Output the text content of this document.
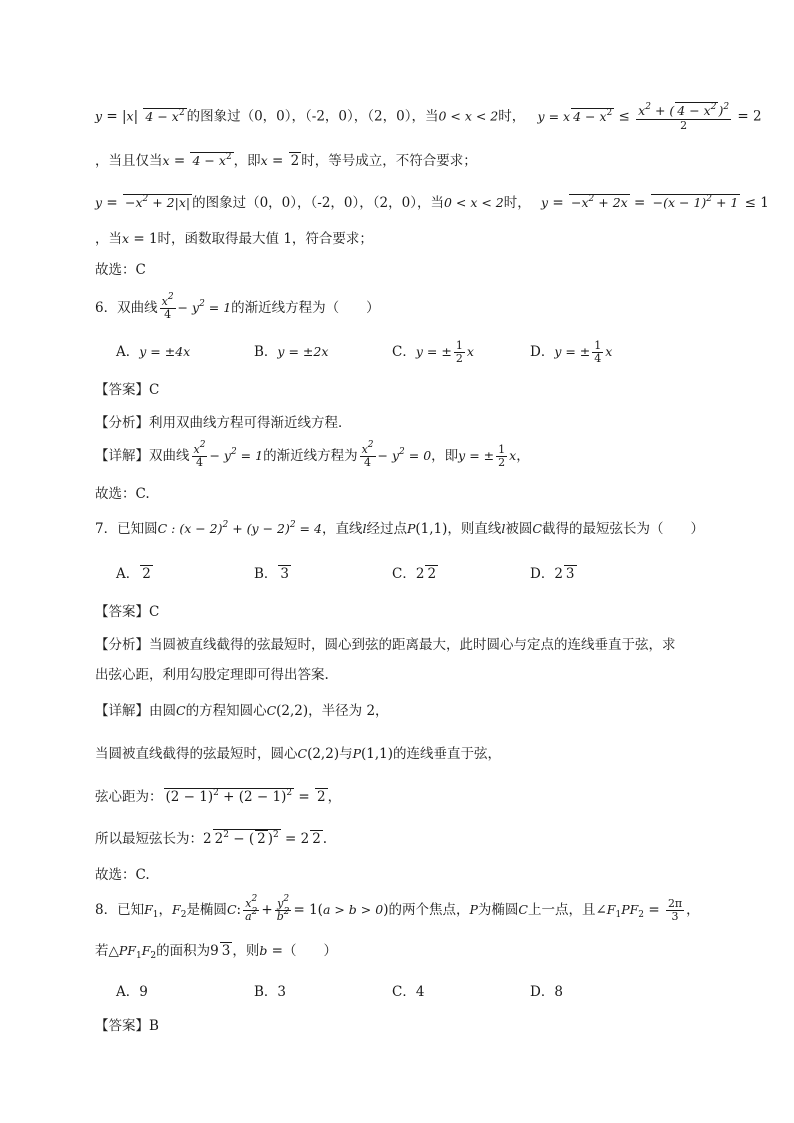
y = |x| $4 - x^2$ 的图象过（0，0），（-2，0），（2，0），当0 < x < 2时， y = x $4 - x^2 \le \frac{x^2 + ( 4 - x^2 )^2}{2} = 2$
，当且仅当$x = 4 - x^2$ ，即x = 2 时，等号成立，不符合要求；
$y = -x^2 + 2|x|$ 的图象过（0，0），（-2，0），（2，0），当0 < x < 2时， $y = -x^2 + 2x = -(x - 1)^2 + 1 \le 1$
，当x = 1时，函数取得最大值 1，符合要求；
故选：C
6．双曲线 $\frac{x^2}{4} - y^2 = 1$的渐近线方程为（　　）
A．y = ±4x	B．y = ±2x	C．y = ± $\frac{1}{2}$ x	D．y = ± $\frac{1}{4}$ x
【答案】C
【分析】利用双曲线方程可得渐近线方程．
【详解】双曲线 $\frac{x^2}{4} - y^2 = 1$的渐近线方程为 $\frac{x^2}{4} - y^2 = 0$，即y = ± $\frac{1}{2}$ x，
故选：C.
7．已知圆C : $(x - 2)^2 + (y - 2)^2 = 4$，直线l经过点P(1,1)，则直线l被圆C截得的最短弦长为（　　）
A． 2	B． 3	C．2 2	D．2 3
【答案】C
【分析】当圆被直线截得的弦最短时，圆心到弦的距离最大，此时圆心与定点的连线垂直于弦，求
出弦心距，利用勾股定理即可得出答案.
【详解】由圆C的方程知圆心C(2,2)，半径为 2，
当圆被直线截得的弦最短时，圆心C(2,2)与P(1,1)的连线垂直于弦，
弦心距为： $(2 - 1)^2 + (2 - 1)^2 = 2$ ，
所以最短弦长为：2 $2^2$ − ( 2 )$^2$ = 2 2 .
故选：C.
8．已知$F_1$，$F_2$是椭圆C: $\frac{x^2}{a^2} + \frac{y^2}{b^2} = 1(a > b > 0)$的两个焦点，P为椭圆C上一点，且$\angle F_1PF_2 = \frac{2\pi}{3}$ ，
若$\triangle PF_1F_2$的面积为9 3 ，则b =（　　）
A．9	B．3	C．4	D．8
【答案】B
